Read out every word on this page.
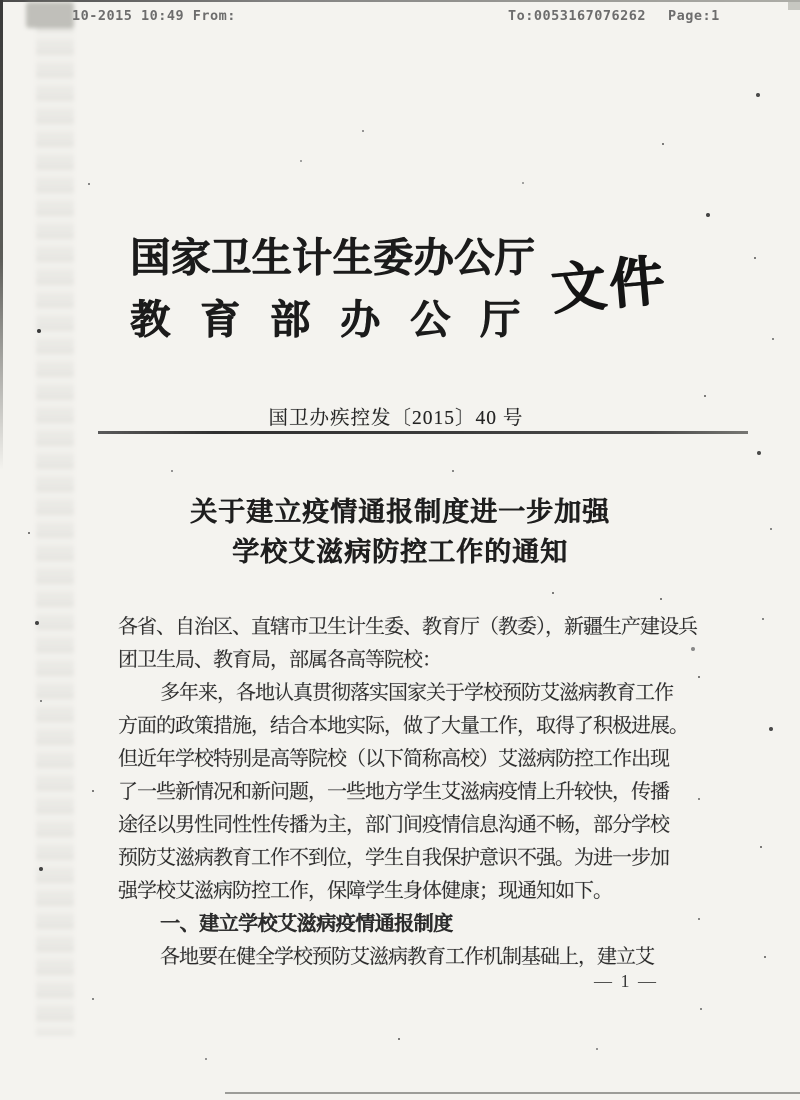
10-2015 10:49 From:	To:0053167076262 Page:1
国家卫生计生委办公厅
教育部办公厅
文件
国卫办疾控发〔2015〕40 号
关于建立疫情通报制度进一步加强
学校艾滋病防控工作的通知
各省、自治区、直辖市卫生计生委、教育厅（教委），新疆生产建设兵
团卫生局、教育局，部属各高等院校：
多年来，各地认真贯彻落实国家关于学校预防艾滋病教育工作
方面的政策措施，结合本地实际，做了大量工作，取得了积极进展。
但近年学校特别是高等院校（以下简称高校）艾滋病防控工作出现
了一些新情况和新问题，一些地方学生艾滋病疫情上升较快，传播
途径以男性同性性传播为主，部门间疫情信息沟通不畅，部分学校
预防艾滋病教育工作不到位，学生自我保护意识不强。为进一步加
强学校艾滋病防控工作，保障学生身体健康；现通知如下。
一、建立学校艾滋病疫情通报制度
各地要在健全学校预防艾滋病教育工作机制基础上，建立艾
— 1 —
